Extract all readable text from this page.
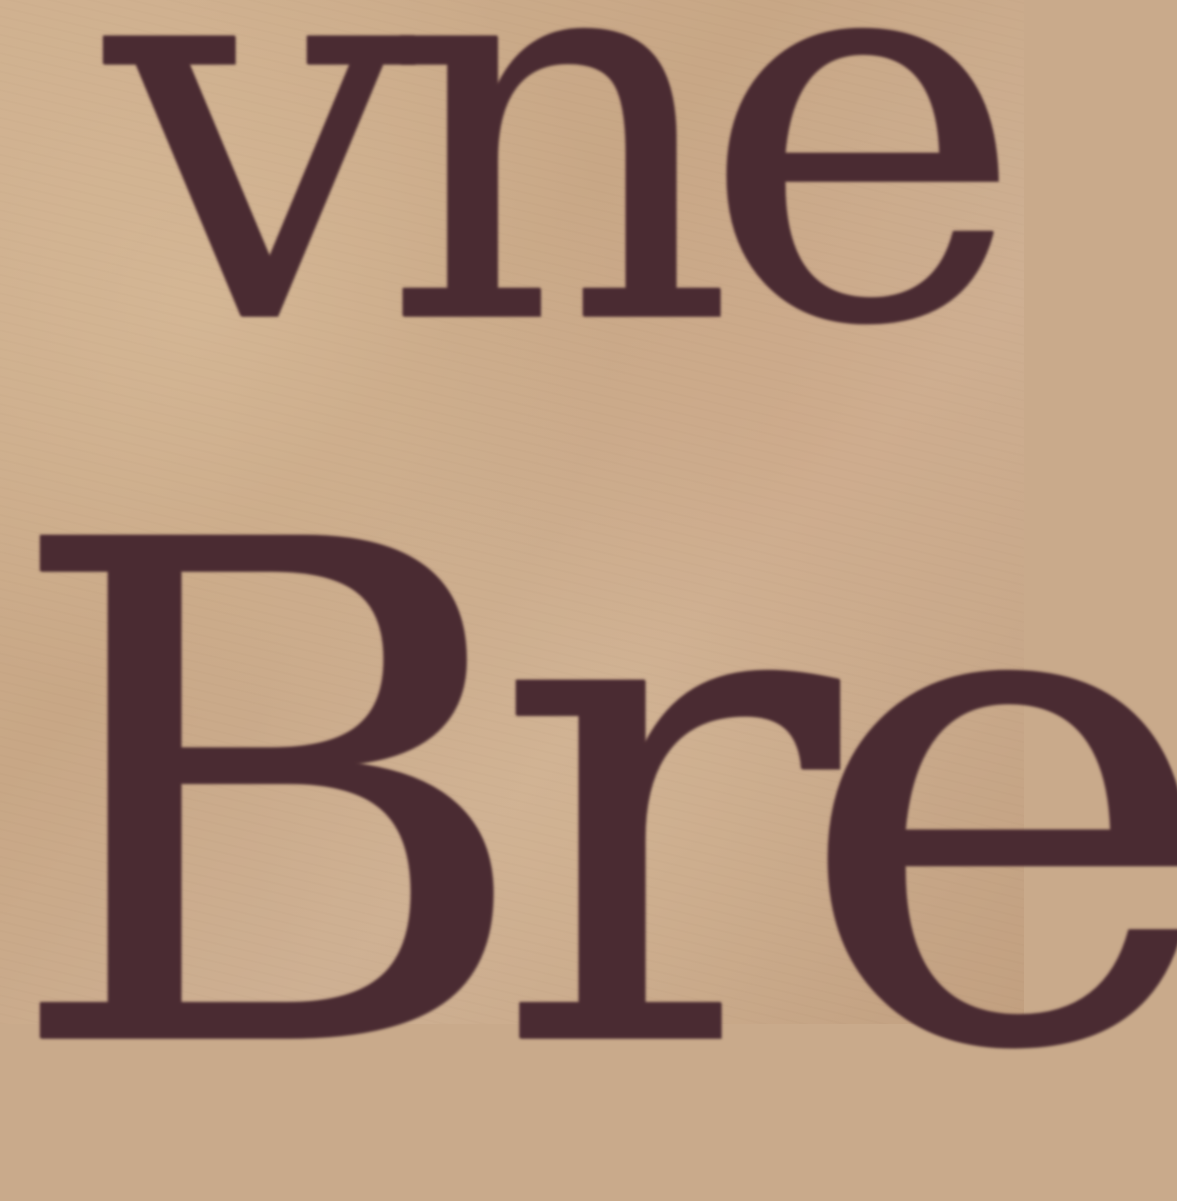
vne
Bre
